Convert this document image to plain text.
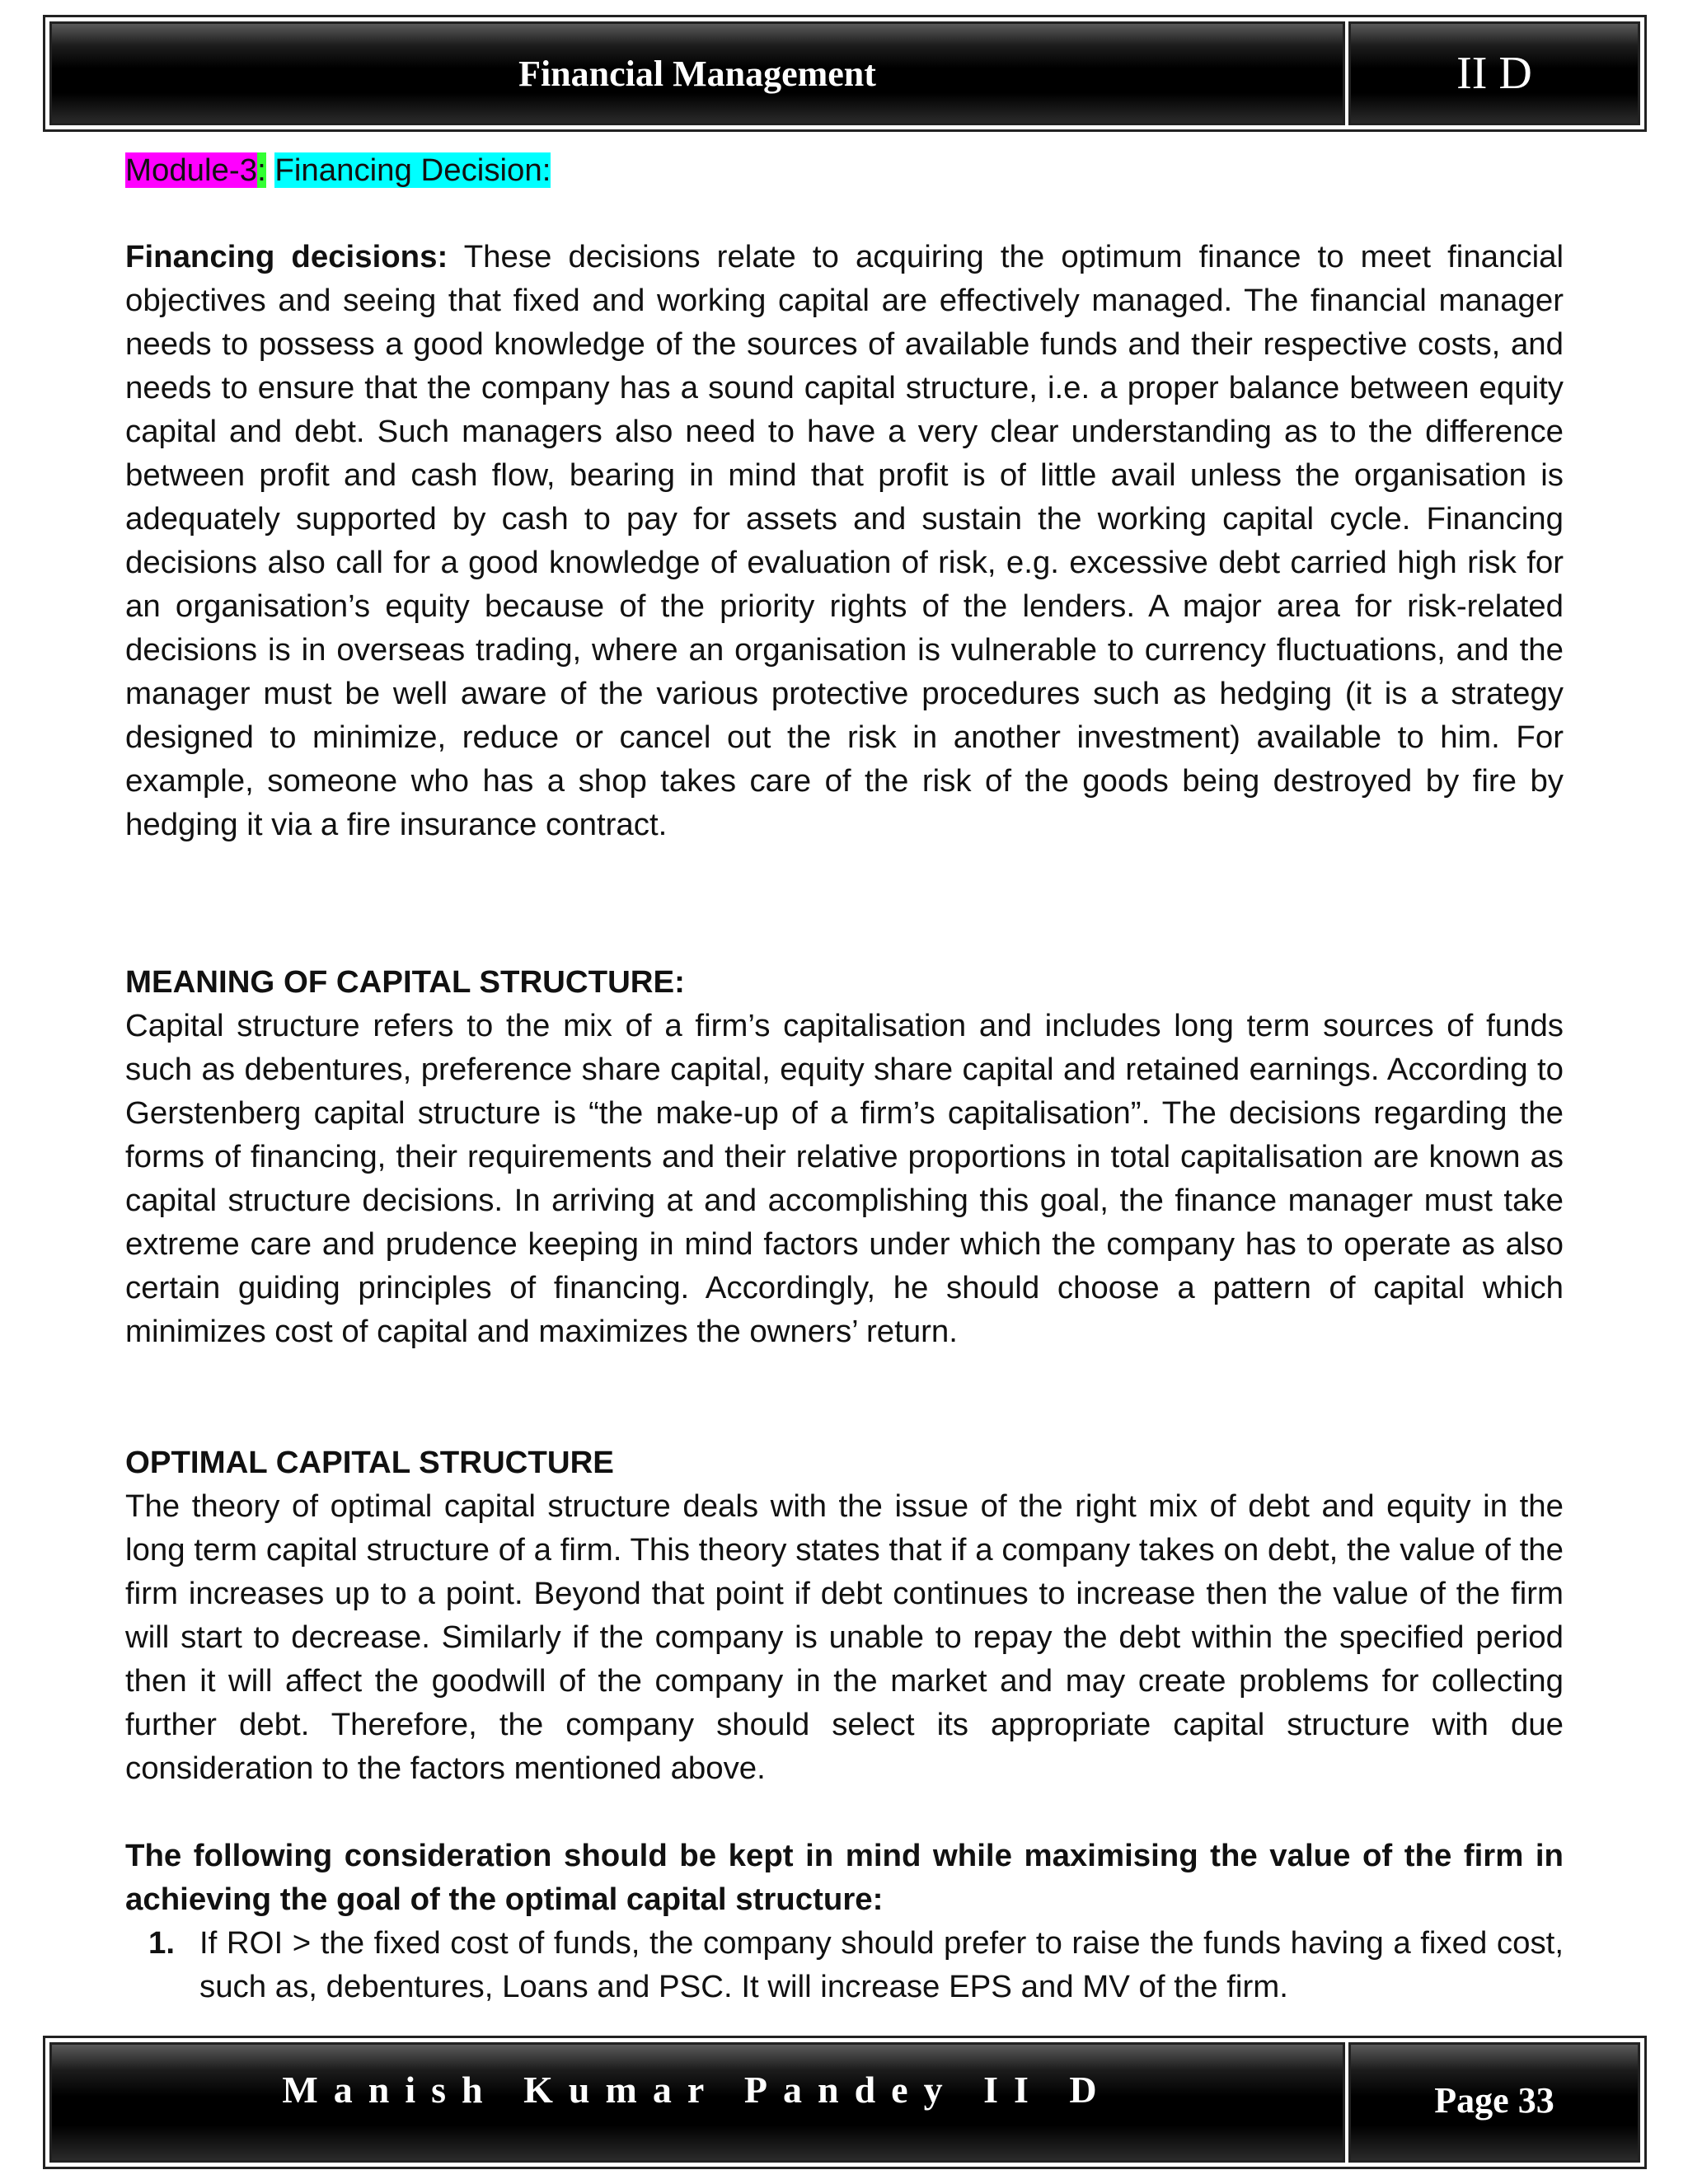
Financial Management	II D
Module-3: Financing Decision:

Financing decisions: These decisions relate to acquiring the optimum finance to meet financial objectives and seeing that fixed and working capital are effectively managed. The financial manager needs to possess a good knowledge of the sources of available funds and their respective costs, and needs to ensure that the company has a sound capital structure, i.e. a proper balance between equity capital and debt. Such managers also need to have a very clear understanding as to the difference between profit and cash flow, bearing in mind that profit is of little avail unless the organisation is adequately supported by cash to pay for assets and sustain the working capital cycle. Financing decisions also call for a good knowledge of evaluation of risk, e.g. excessive debt carried high risk for an organisation’s equity because of the priority rights of the lenders. A major area for risk-related decisions is in overseas trading, where an organisation is vulnerable to currency fluctuations, and the manager must be well aware of the various protective procedures such as hedging (it is a strategy designed to minimize, reduce or cancel out the risk in another investment) available to him. For example, someone who has a shop takes care of the risk of the goods being destroyed by fire by hedging it via a fire insurance contract.

MEANING OF CAPITAL STRUCTURE:

Capital structure refers to the mix of a firm’s capitalisation and includes long term sources of funds such as debentures, preference share capital, equity share capital and retained earnings. According to Gerstenberg capital structure is “the make-up of a firm’s capitalisation”. The decisions regarding the forms of financing, their requirements and their relative proportions in total capitalisation are known as capital structure decisions. In arriving at and accomplishing this goal, the finance manager must take extreme care and prudence keeping in mind factors under which the company has to operate as also certain guiding principles of financing. Accordingly, he should choose a pattern of capital which minimizes cost of capital and maximizes the owners’ return.

OPTIMAL CAPITAL STRUCTURE

The theory of optimal capital structure deals with the issue of the right mix of debt and equity in the long term capital structure of a firm. This theory states that if a company takes on debt, the value of the firm increases up to a point. Beyond that point if debt continues to increase then the value of the firm will start to decrease. Similarly if the company is unable to repay the debt within the specified period then it will affect the goodwill of the company in the market and may create problems for collecting further debt. Therefore, the company should select its appropriate capital structure with due consideration to the factors mentioned above.

The following consideration should be kept in mind while maximising the value of the firm in achieving the goal of the optimal capital structure:

1. If ROI > the fixed cost of funds, the company should prefer to raise the funds having a fixed cost, such as, debentures, Loans and PSC. It will increase EPS and MV of the firm.
Manish Kumar Pandey II D	Page 33
